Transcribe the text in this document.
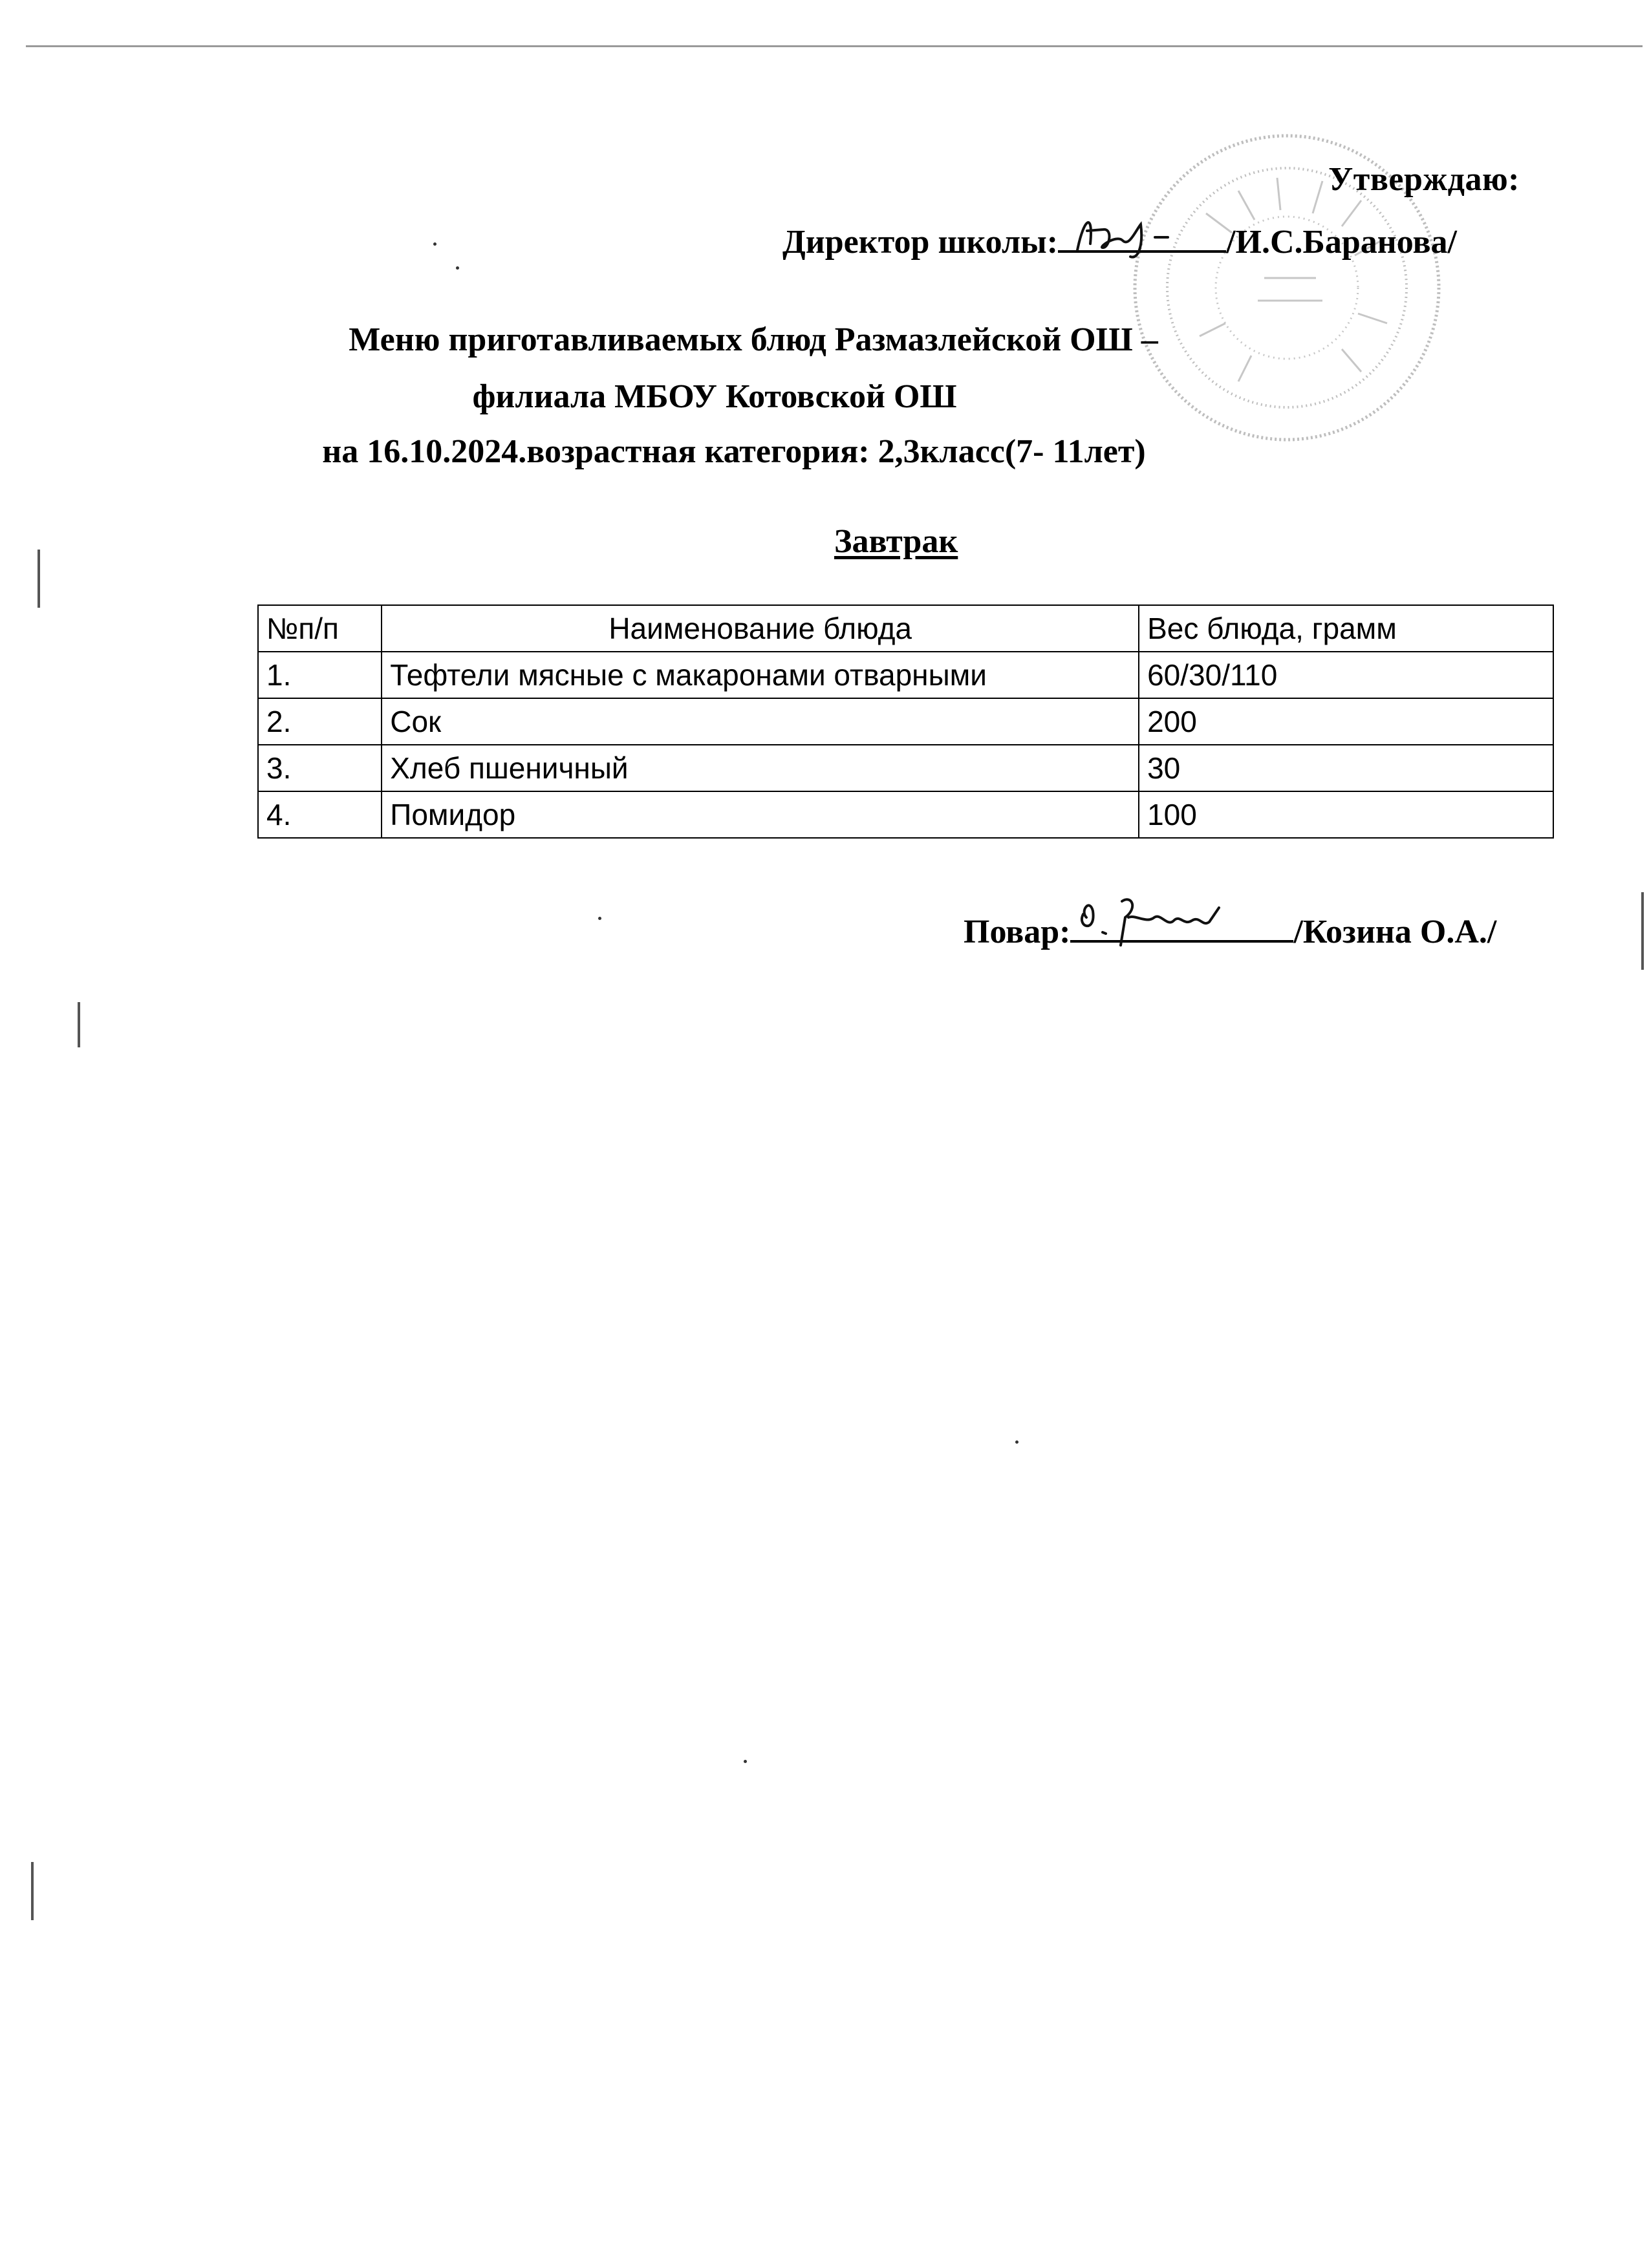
Утверждаю:
Директор школы:	/И.С.Баранова/
Меню приготавливаемых блюд Размазлейской ОШ –
филиала МБОУ Котовской ОШ
на 16.10.2024.возрастная категория: 2,3класс(7- 11лет)
Завтрак
№п/п	Наименование блюда	Вес блюда, грамм
1.	Тефтели мясные с макаронами отварными	60/30/110
2.	Сок	200
3.	Хлеб пшеничный	30
4.	Помидор	100
Повар:	/Козина О.А./
